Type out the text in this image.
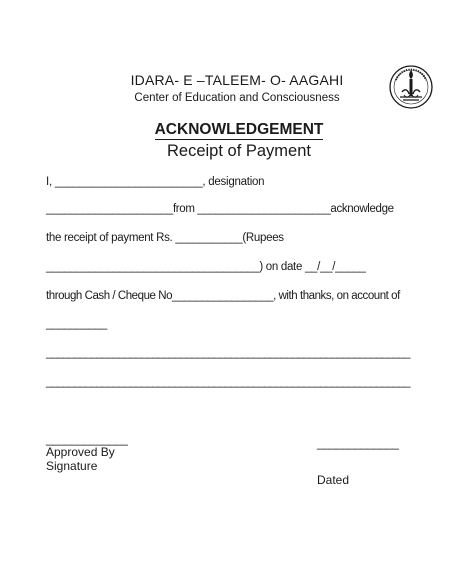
IDARA- E –TALEEM- O- AAGAHI
Center of Education and Consciousness
ACKNOWLEDGEMENT
Receipt of Payment
I, ________________________, designation
_____________________from ______________________acknowledge
the receipt of payment Rs. ___________(Rupees
___________________________________) on date __/__/_____
through Cash / Cheque No_________________, with thanks, on account of
__________
_________________________________________________________________
_________________________________________________________________
_____________
Approved By
Signature
_____________
Dated
